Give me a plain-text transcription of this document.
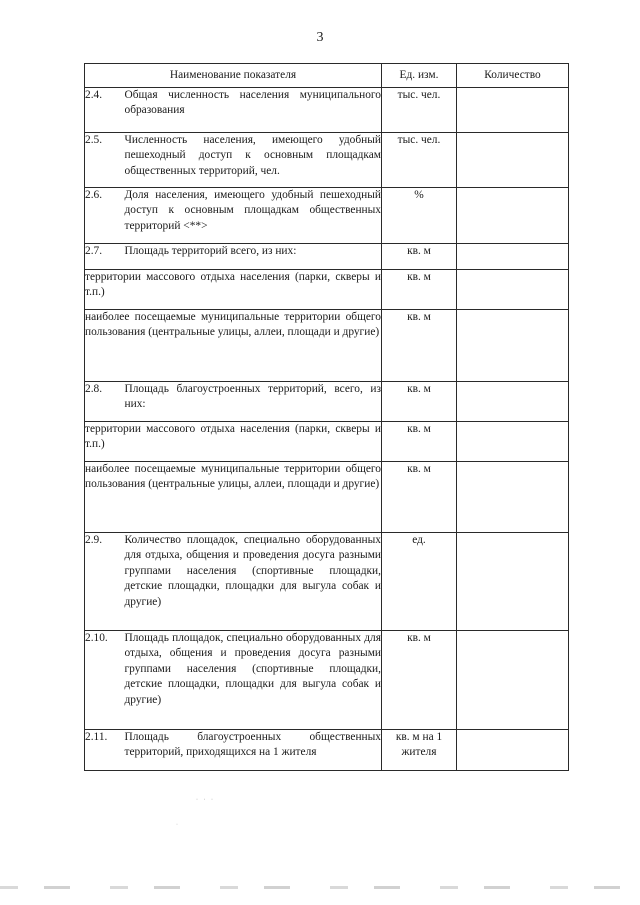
3
Наименование показателя		Ед. изм.	Количество
2.4.	Общая численность населения муниципального образования	тыс. чел.	
2.5.	Численность населения, имеющего удобный пешеходный доступ к основным площадкам общественных территорий, чел.	тыс. чел.	
2.6.	Доля населения, имеющего удобный пешеходный доступ к основным площадкам общественных территорий <**>	%	
2.7.	Площадь территорий всего, из них:	кв. м	
территории массового отдыха населения (парки, скверы и т.п.)		кв. м	
наиболее посещаемые муниципальные территории общего пользования (центральные улицы, аллеи, площади и другие)		кв. м	
2.8.	Площадь благоустроенных территорий, всего, из них:	кв. м	
территории массового отдыха населения (парки, скверы и т.п.)		кв. м	
наиболее посещаемые муниципальные территории общего пользования (центральные улицы, аллеи, площади и другие)		кв. м	
2.9.	Количество площадок, специально оборудованных для отдыха, общения и проведения досуга разными группами населения (спортивные площадки, детские площадки, площадки для выгула собак и другие)	ед.	
2.10.	Площадь площадок, специально оборудованных для отдыха, общения и проведения досуга разными группами населения (спортивные площадки, детские площадки, площадки для выгула собак и другие)	кв. м	
2.11.	Площадь благоустроенных общественных территорий, приходящихся на 1 жителя	кв. м на 1 жителя	
· · ·
·
